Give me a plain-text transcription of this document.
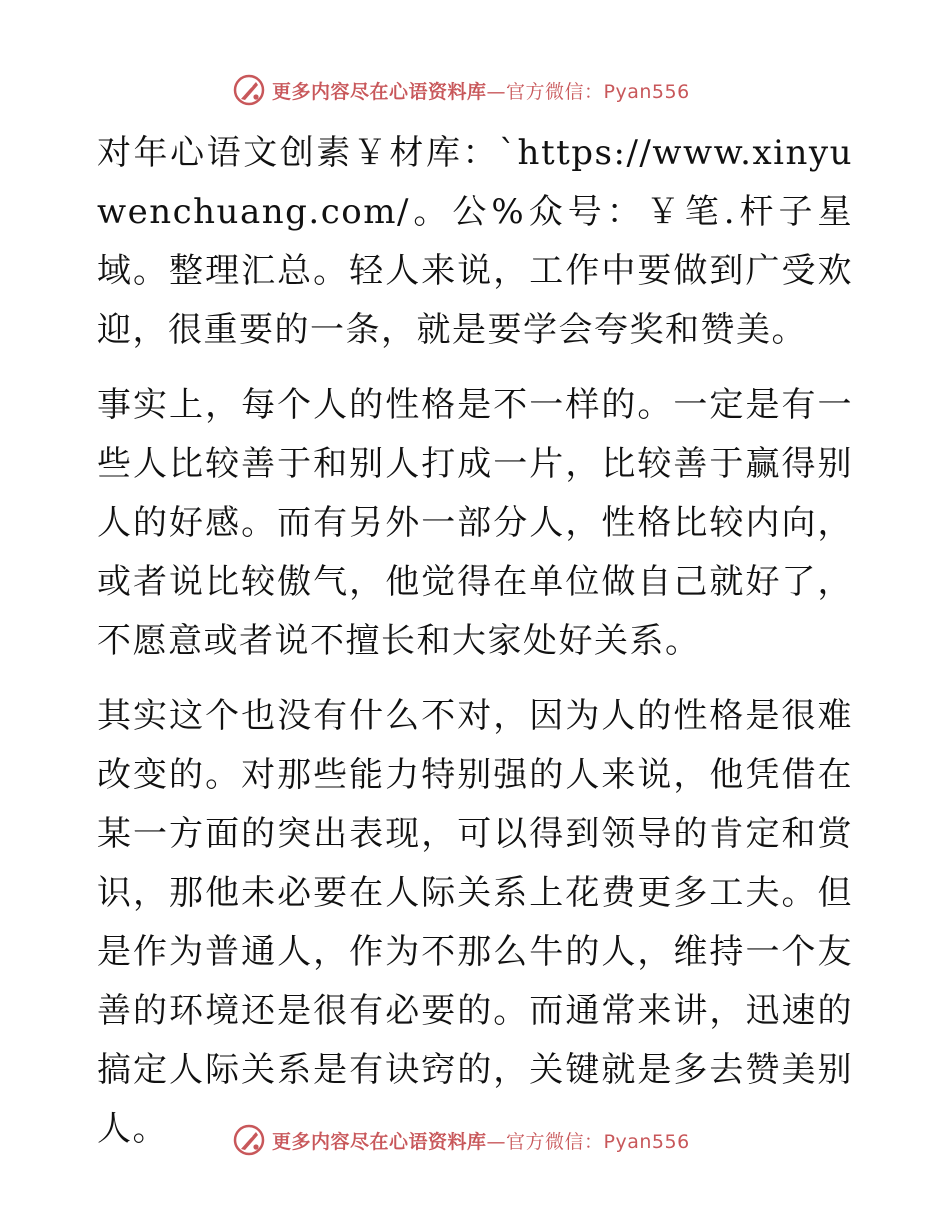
更多内容尽在心语资料库—官方微信：Pyan556

对年心语文创素￥材库：`https://www.xinyuwenchuang.com/。公%众号：￥笔.杆子星域。整理汇总。轻人来说，工作中要做到广受欢迎，很重要的一条，就是要学会夸奖和赞美。

事实上，每个人的性格是不一样的。一定是有一些人比较善于和别人打成一片，比较善于赢得别人的好感。而有另外一部分人，性格比较内向，或者说比较傲气，他觉得在单位做自己就好了，不愿意或者说不擅长和大家处好关系。

其实这个也没有什么不对，因为人的性格是很难改变的。对那些能力特别强的人来说，他凭借在某一方面的突出表现，可以得到领导的肯定和赏识，那他未必要在人际关系上花费更多工夫。但是作为普通人，作为不那么牛的人，维持一个友善的环境还是很有必要的。而通常来讲，迅速的搞定人际关系是有诀窍的，关键就是多去赞美别人。	更多内容尽在心语资料库—官方微信：Pyan556
